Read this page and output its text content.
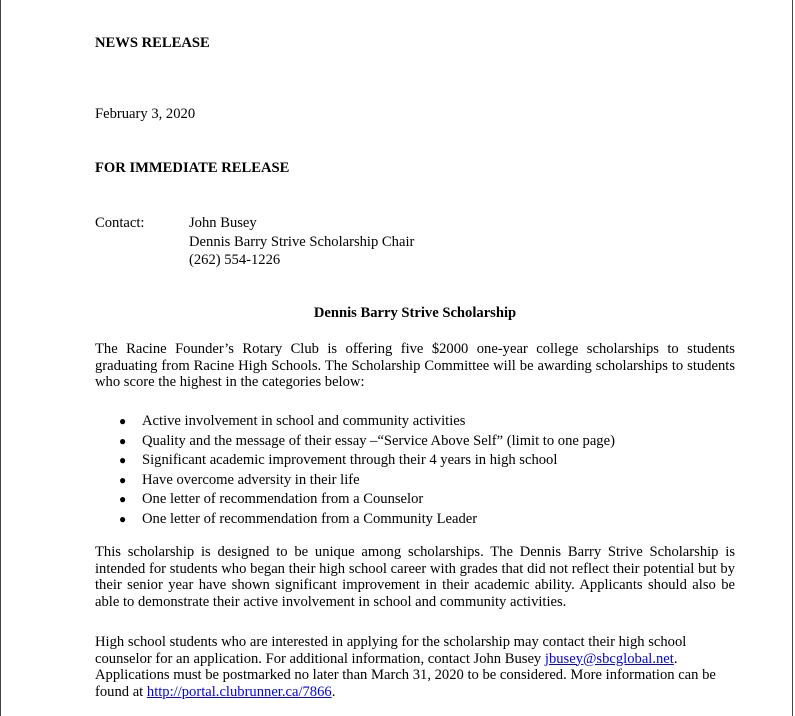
NEWS RELEASE
February 3, 2020
FOR IMMEDIATE RELEASE
Contact:	John Busey
Dennis Barry Strive Scholarship Chair
(262) 554-1226
Dennis Barry Strive Scholarship
The Racine Founder’s Rotary Club is offering five $2000 one-year college scholarships to students graduating from Racine High Schools. The Scholarship Committee will be awarding scholarships to students who score the highest in the categories below:
● Active involvement in school and community activities
● Quality and the message of their essay –“Service Above Self” (limit to one page)
● Significant academic improvement through their 4 years in high school
● Have overcome adversity in their life
● One letter of recommendation from a Counselor
● One letter of recommendation from a Community Leader
This scholarship is designed to be unique among scholarships. The Dennis Barry Strive Scholarship is intended for students who began their high school career with grades that did not reflect their potential but by their senior year have shown significant improvement in their academic ability. Applicants should also be able to demonstrate their active involvement in school and community activities.
High school students who are interested in applying for the scholarship may contact their high school counselor for an application. For additional information, contact John Busey jbusey@sbcglobal.net. Applications must be postmarked no later than March 31, 2020 to be considered. More information can be found at http://portal.clubrunner.ca/7866.
